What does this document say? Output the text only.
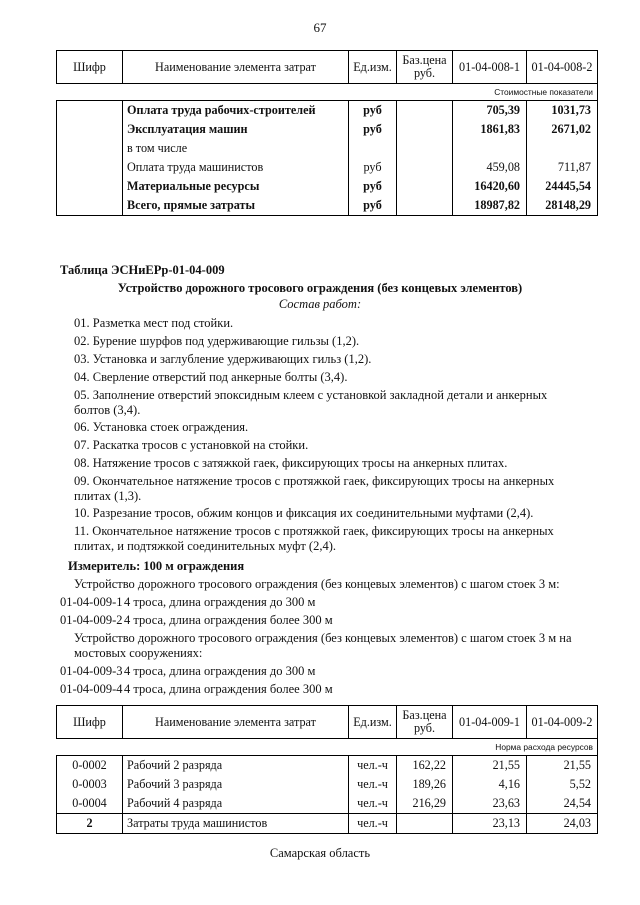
67
Шифр	Наименование элемента затрат	Ед.изм.	Баз.цена руб.	01-04-008-1	01-04-008-2
Стоимостные показатели					
	Оплата труда рабочих-строителей	руб		705,39	1031,73
	Эксплуатация машин	руб		1861,83	2671,02
	в том числе				
	Оплата труда машинистов	руб		459,08	711,87
	Материальные ресурсы	руб		16420,60	24445,54
	Всего, прямые затраты	руб		18987,82	28148,29
Таблица ЭСНиЕРр-01-04-009
Устройство дорожного тросового ограждения (без концевых элементов)
Состав работ:
01. Разметка мест под стойки.
02. Бурение шурфов под удерживающие гильзы (1,2).
03. Установка и заглубление удерживающих гильз (1,2).
04. Сверление отверстий под анкерные болты (3,4).
05. Заполнение отверстий эпоксидным клеем с установкой закладной детали и анкерных болтов (3,4).
06. Установка стоек ограждения.
07. Раскатка тросов с установкой на стойки.
08. Натяжение тросов с затяжкой гаек, фиксирующих тросы на анкерных плитах.
09. Окончательное натяжение тросов с протяжкой гаек, фиксирующих тросы на анкерных плитах (1,3).
10. Разрезание тросов, обжим концов и фиксация их соединительными муфтами (2,4).
11. Окончательное натяжение тросов с протяжкой гаек, фиксирующих тросы на анкерных плитах, и подтяжкой соединительных муфт (2,4).
Измеритель: 100 м ограждения
Устройство дорожного тросового ограждения (без концевых элементов) с шагом стоек 3 м:
01-04-009-1 4 троса, длина ограждения до 300 м
01-04-009-2 4 троса, длина ограждения более 300 м
Устройство дорожного тросового ограждения (без концевых элементов) с шагом стоек 3 м на мостовых сооружениях:
01-04-009-3 4 троса, длина ограждения до 300 м
01-04-009-4 4 троса, длина ограждения более 300 м
Шифр	Наименование элемента затрат	Ед.изм.	Баз.цена руб.	01-04-009-1	01-04-009-2
Норма расхода ресурсов					
0-0002	Рабочий 2 разряда	чел.-ч	162,22	21,55	21,55
0-0003	Рабочий 3 разряда	чел.-ч	189,26	4,16	5,52
0-0004	Рабочий 4 разряда	чел.-ч	216,29	23,63	24,54
2	Затраты труда машинистов	чел.-ч		23,13	24,03
Самарская область
